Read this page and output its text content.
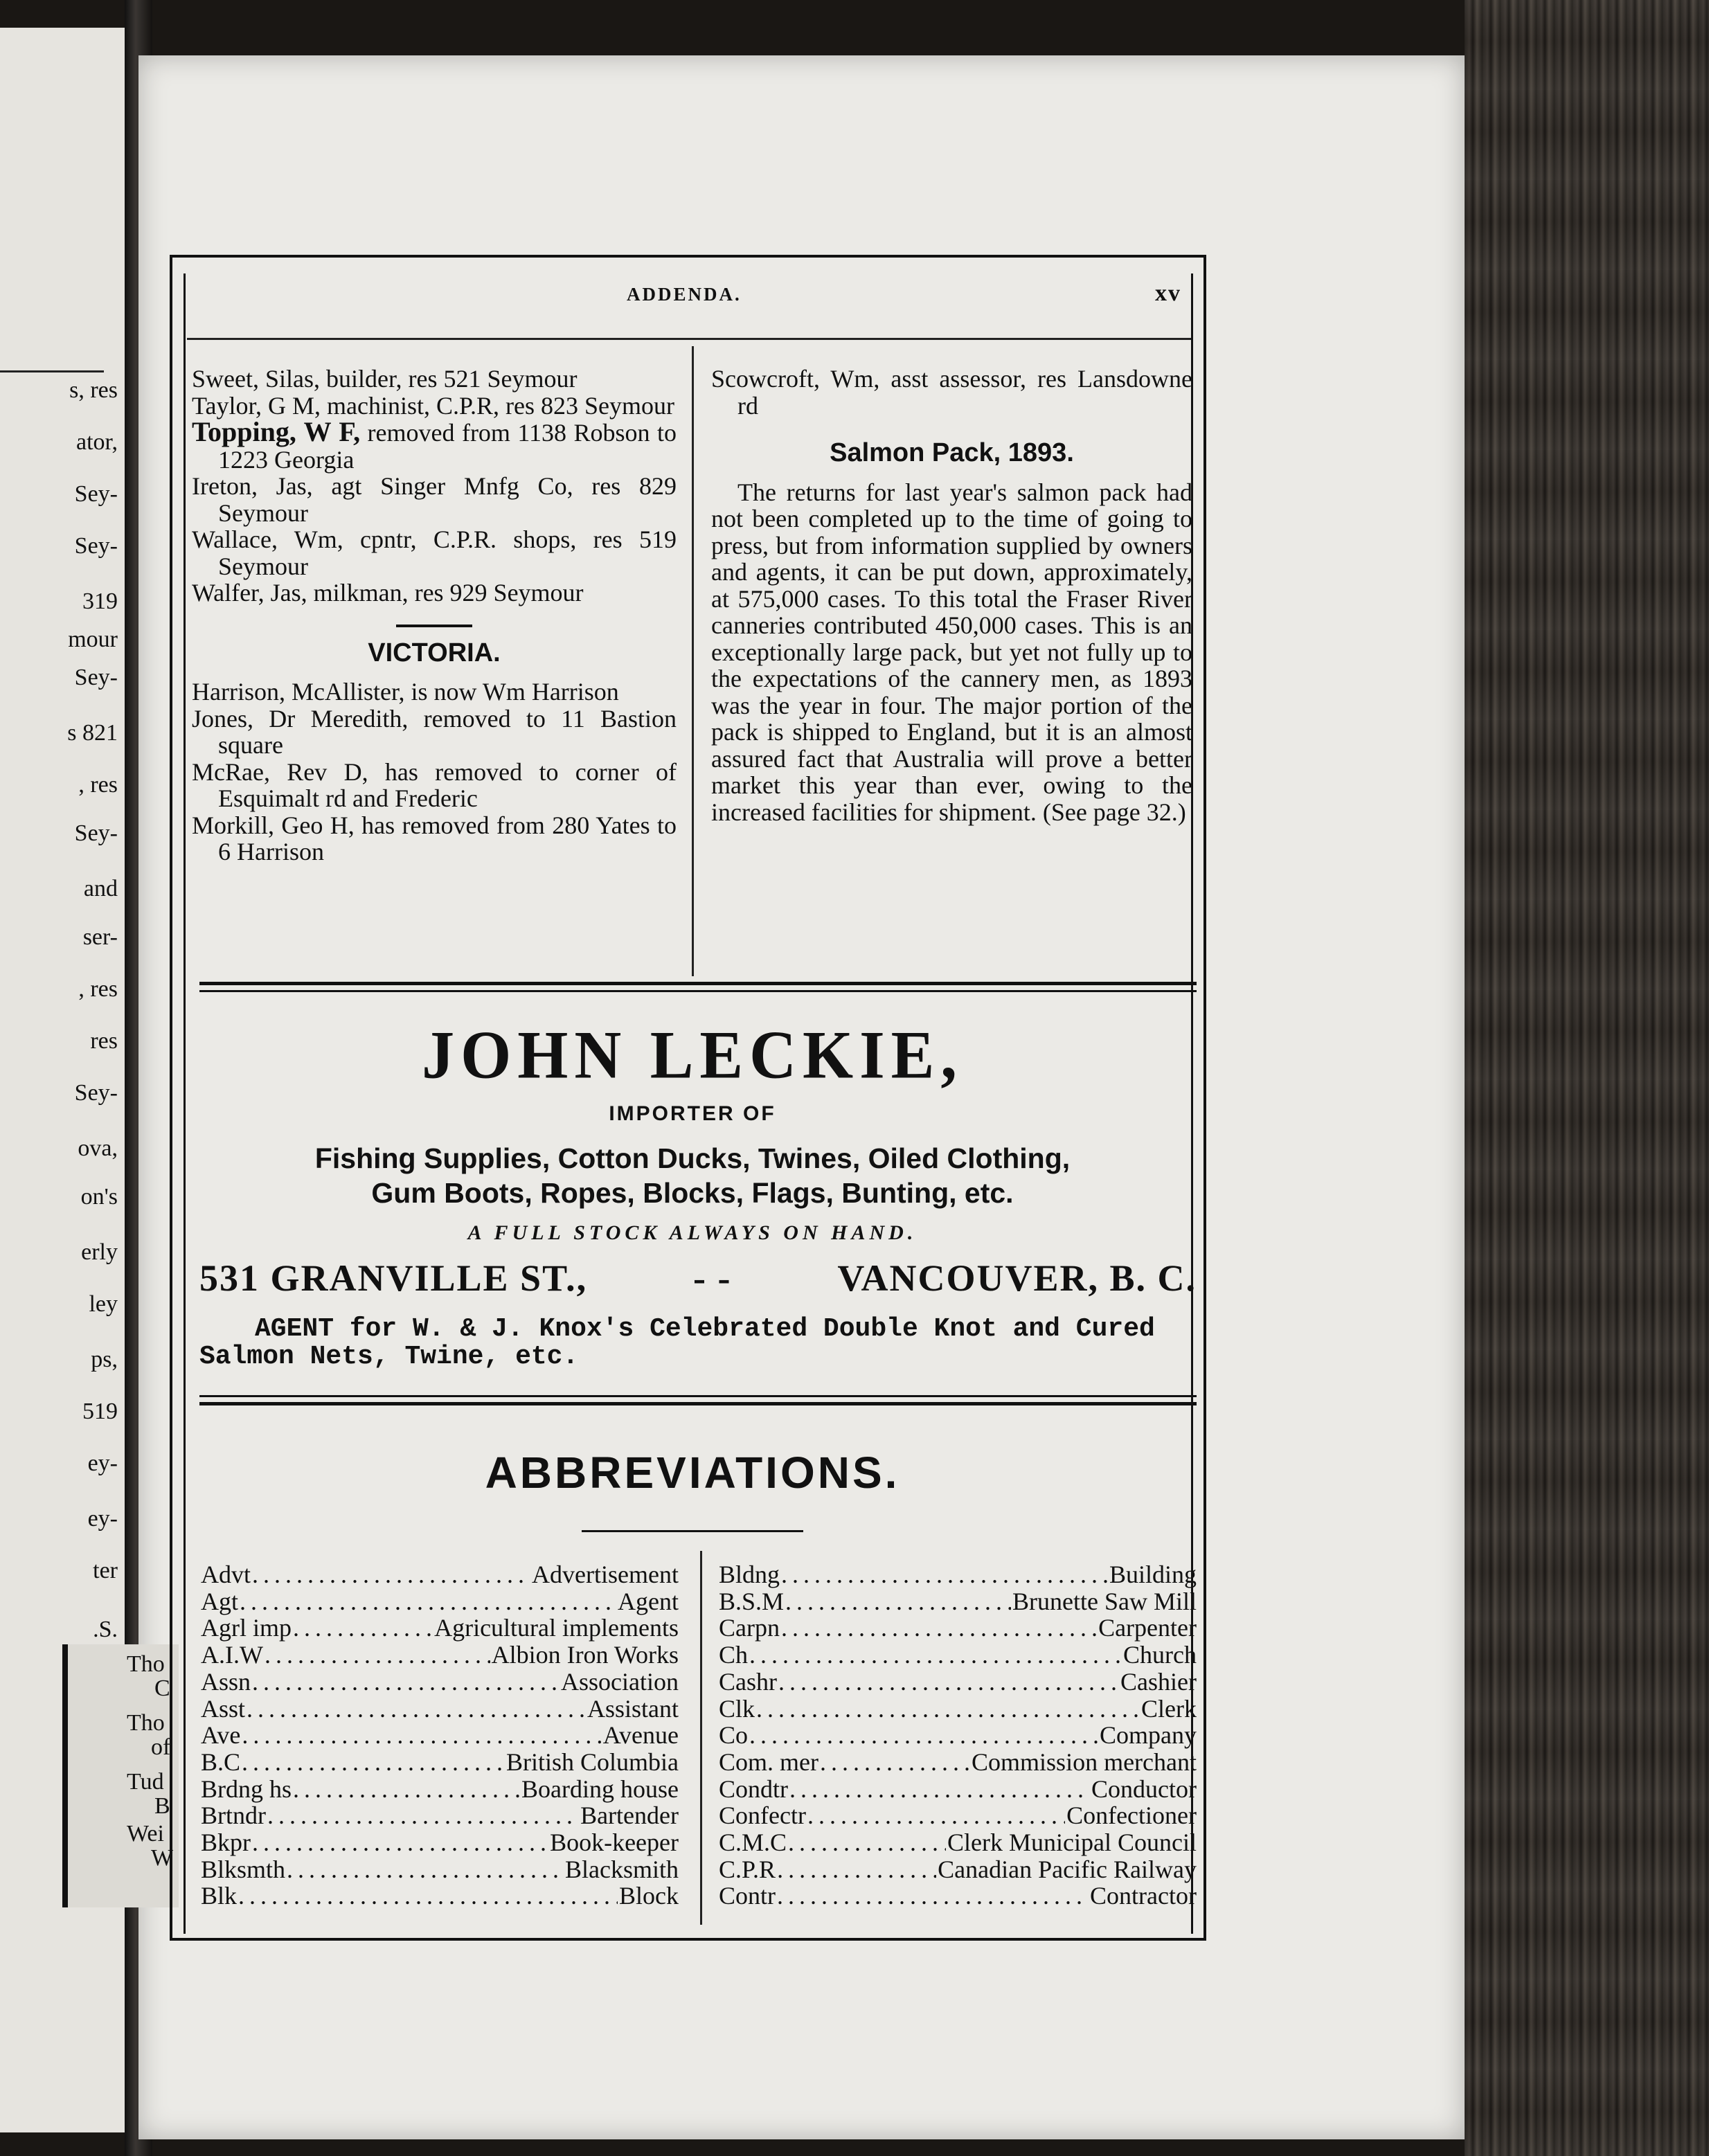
s, res
ator,
Sey-
Sey-
319
mour
Sey-
s 821
, res
Sey-
and
ser-
, res
res
Sey-
ova,
on's
erly
ley
ps,
519
ey-
ey-
ter
.S.
Tho
C
Tho
of
Tud
B
Wei
W
ADDENDA.	xv
Sweet, Silas, builder, res 521 Seymour
Taylor, G M, machinist, C.P.R, res 823 Seymour
Topping, W F, removed from 1138 Robson to 1223 Georgia
Ireton, Jas, agt Singer Mnfg Co, res 829 Seymour
Wallace, Wm, cpntr, C.P.R. shops, res 519 Seymour
Walfer, Jas, milkman, res 929 Seymour
VICTORIA.
Harrison, McAllister, is now Wm Harrison
Jones, Dr Meredith, removed to 11 Bastion square
McRae, Rev D, has removed to corner of Esquimalt rd and Frederic
Morkill, Geo H, has removed from 280 Yates to 6 Harrison
Scowcroft, Wm, asst assessor, res Lansdowne rd
Salmon Pack, 1893.
The returns for last year's salmon pack had not been completed up to the time of going to press, but from information supplied by owners and agents, it can be put down, approximately, at 575,000 cases. To this total the Fraser River canneries contributed 450,000 cases. This is an exceptionally large pack, but yet not fully up to the expectations of the cannery men, as 1893 was the year in four. The major portion of the pack is shipped to England, but it is an almost assured fact that Australia will prove a better market this year than ever, owing to the increased facilities for shipment. (See page 32.)
JOHN LECKIE,
IMPORTER OF
Fishing Supplies, Cotton Ducks, Twines, Oiled Clothing,
Gum Boots, Ropes, Blocks, Flags, Bunting, etc.
A FULL STOCK ALWAYS ON HAND.
531 GRANVILLE ST.,	- -	VANCOUVER, B. C.
AGENT for W. & J. Knox's Celebrated Double Knot and Cured
Salmon Nets, Twine, etc.
ABBREVIATIONS.
Advt . . .	Advertisement
Agt . . .	Agent
Agrl imp . . .	Agricultural implements
A.I.W . . .	Albion Iron Works
Assn . . .	Association
Asst . . .	Assistant
Ave . . .	Avenue
B.C . . .	British Columbia
Brdng hs . . .	Boarding house
Brtndr . . .	Bartender
Bkpr . . .	Book-keeper
Blksmth . . .	Blacksmith
Blk . . .	Block
Bldng . . .	Building
B.S.M . . .	Brunette Saw Mill
Carpn . . .	Carpenter
Ch . . .	Church
Cashr . . .	Cashier
Clk . . .	Clerk
Co . . .	Company
Com. mer . . .	Commission merchant
Condtr . . .	Conductor
Confectr . . .	Confectioner
C.M.C . . .	Clerk Municipal Council
C.P.R . . .	Canadian Pacific Railway
Contr . . .	Contractor
